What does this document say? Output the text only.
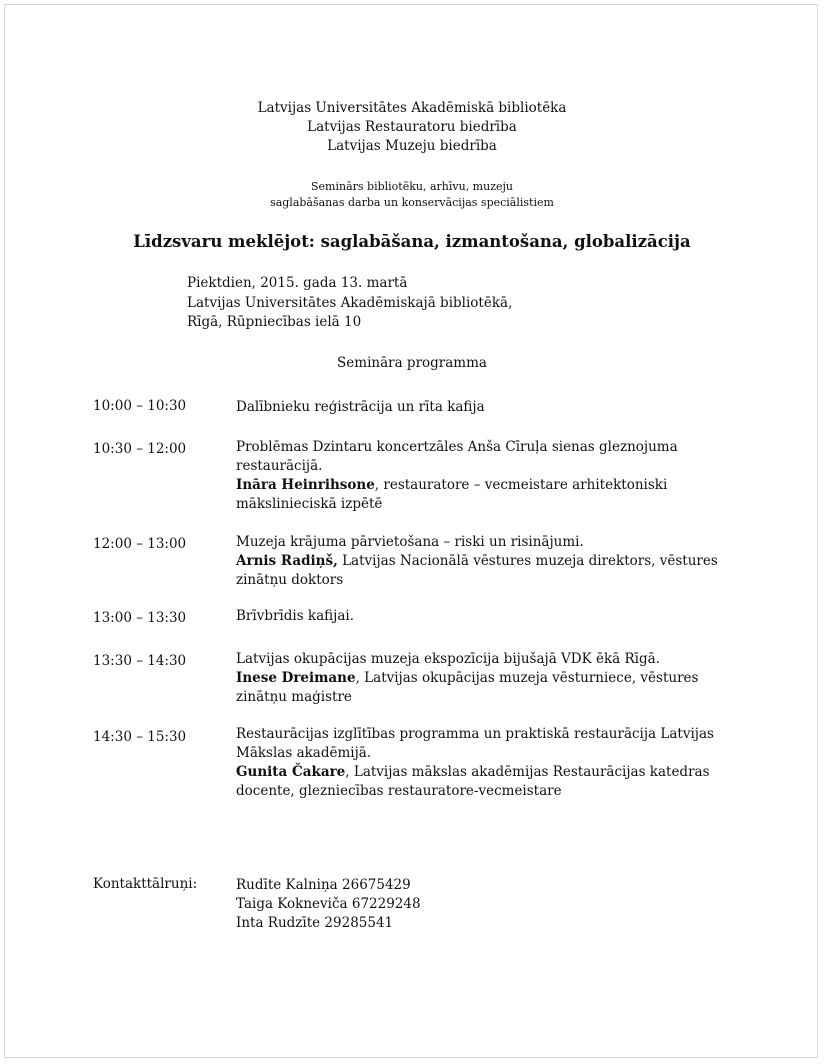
Latvijas Universitātes Akadēmiskā bibliotēka
Latvijas Restauratoru biedrība
Latvijas Muzeju biedrība
Seminārs bibliotēku, arhīvu, muzeju
saglabāšanas darba un konservācijas speciālistiem
Līdzsvaru meklējot: saglabāšana, izmantošana, globalizācija
Piektdien, 2015. gada 13. martā
Latvijas Universitātes Akadēmiskajā bibliotēkā,
Rīgā, Rūpniecības ielā 10
Semināra programma
10:00 – 10:30	Dalībnieku reģistrācija un rīta kafija
10:30 – 12:00	Problēmas Dzintaru koncertzāles Anša Cīruļa sienas gleznojuma
restaurācijā.
Ināra Heinrihsone, restauratore – vecmeistare arhitektoniski
mākslinieciskā izpētē
12:00 – 13:00	Muzeja krājuma pārvietošana – riski un risinājumi.
Arnis Radiņš, Latvijas Nacionālā vēstures muzeja direktors, vēstures
zinātņu doktors
13:00 – 13:30	Brīvbrīdis kafijai.
13:30 – 14:30	Latvijas okupācijas muzeja ekspozīcija bijušajā VDK ēkā Rīgā.
Inese Dreimane, Latvijas okupācijas muzeja vēsturniece, vēstures
zinātņu maģistre
14:30 – 15:30	Restaurācijas izglītības programma un praktiskā restaurācija Latvijas
Mākslas akadēmijā.
Gunita Čakare, Latvijas mākslas akadēmijas Restaurācijas katedras
docente, glezniecības restauratore-vecmeistare
Kontakttālruņi:	Rudīte Kalniņa 26675429
Taiga Kokneviča 67229248
Inta Rudzīte 29285541
